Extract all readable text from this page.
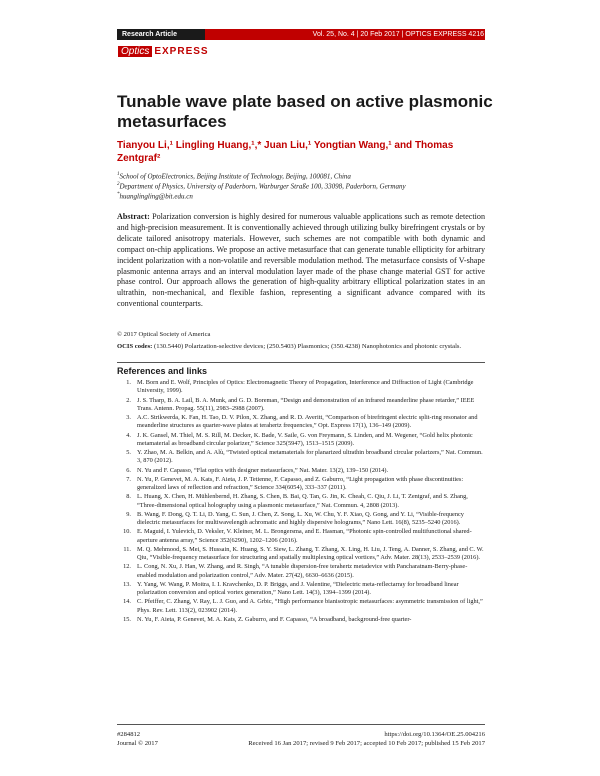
Research Article	Vol. 25, No. 4 | 20 Feb 2017 | OPTICS EXPRESS 4216
Optics EXPRESS
Tunable wave plate based on active plasmonic metasurfaces

Tianyou Li,¹ Lingling Huang,¹,* Juan Liu,¹ Yongtian Wang,¹ and Thomas Zentgraf²

$^1$School of OptoElectronics, Beijing Institute of Technology, Beijing, 100081, China

$^2$Department of Physics, University of Paderborn, Warburger Straße 100, 33098, Paderborn, Germany

*huanglingling@bit.edu.cn

Abstract: Polarization conversion is highly desired for numerous valuable applications such as remote detection and high-precision measurement. It is conventionally achieved through utilizing bulky birefringent crystals or by delicate tailored anisotropy materials. However, such schemes are not compatible with both dynamic and compact on-chip applications. We propose an active metasurface that can generate tunable ellipticity for arbitrary incident polarization with a non-volatile and reversible modulation method. The metasurface consists of V-shape plasmonic antenna arrays and an interval modulation layer made of the phase change material GST for active phase control. Our approach allows the generation of high-quality arbitrary elliptical polarization states in an ultrathin, non-mechanical, and flexible fashion, representing a significant advance compared with its conventional counterparts.

© 2017 Optical Society of America

OCIS codes: (130.5440) Polarization-selective devices; (250.5403) Plasmonics; (350.4238) Nanophotonics and photonic crystals.

References and links
1. M. Born and E. Wolf, Principles of Optics: Electromagnetic Theory of Propagation, Interference and Diffraction of Light (Cambridge University, 1999).
2. J. S. Tharp, B. A. Lail, B. A. Munk, and G. D. Boreman, “Design and demonstration of an infrared meanderline phase retarder,” IEEE Trans. Antenn. Propag. 55(11), 2983–2988 (2007).
3. A.C. Strikwerda, K. Fan, H. Tao, D. V. Pilon, X. Zhang, and R. D. Averitt, “Comparison of birefringent electric split-ring resonator and meanderline structures as quarter-wave plates at terahertz frequencies,” Opt. Express 17(1), 136–149 (2009).
4. J. K. Gansel, M. Thiel, M. S. Rill, M. Decker, K. Bade, V. Saile, G. von Freymann, S. Linden, and M. Wegener, “Gold helix photonic metamaterial as broadband circular polarizer,” Science 325(5947), 1513–1515 (2009).
5. Y. Zhao, M. A. Belkin, and A. Alù, “Twisted optical metamaterials for planarized ultrathin broadband circular polarizers,” Nat. Commun. 3, 870 (2012).
6. N. Yu and F. Capasso, “Flat optics with designer metasurfaces,” Nat. Mater. 13(2), 139–150 (2014).
7. N. Yu, P. Genevet, M. A. Kats, F. Aieta, J. P. Tetienne, F. Capasso, and Z. Gaburro, “Light propagation with phase discontinuities: generalized laws of reflection and refraction,” Science 334(6054), 333–337 (2011).
8. L. Huang, X. Chen, H. Mühlenbernd, H. Zhang, S. Chen, B. Bai, Q. Tan, G. Jin, K. Cheah, C. Qiu, J. Li, T. Zentgraf, and S. Zhang, “Three-dimensional optical holography using a plasmonic metasurface,” Nat. Commun. 4, 2808 (2013).
9. B. Wang, F. Dong, Q. T. Li, D. Yang, C. Sun, J. Chen, Z. Song, L. Xu, W. Chu, Y. F. Xiao, Q. Gong, and Y. Li, “Visible-frequency dielectric metasurfaces for multiwavelength achromatic and highly dispersive holograms,” Nano Lett. 16(8), 5235–5240 (2016).
10. E. Maguid, I. Yulevich, D. Veksler, V. Kleiner, M. L. Brongersma, and E. Hasman, “Photonic spin-controlled multifunctional shared-aperture antenna array,” Science 352(6290), 1202–1206 (2016).
11. M. Q. Mehmood, S. Mei, S. Hussain, K. Huang, S. Y. Siew, L. Zhang, T. Zhang, X. Ling, H. Liu, J. Teng, A. Danner, S. Zhang, and C. W. Qiu, “Visible-frequency metasurface for structuring and spatially multiplexing optical vortices,” Adv. Mater. 28(13), 2533–2539 (2016).
12. L. Cong, N. Xu, J. Han, W. Zhang, and R. Singh, “A tunable dispersion-free terahertz metadevice with Pancharatnam-Berry-phase-enabled modulation and polarization control,” Adv. Mater. 27(42), 6630–6636 (2015).
13. Y. Yang, W. Wang, P. Moitra, I. I. Kravchenko, D. P. Briggs, and J. Valentine, “Dielectric meta-reflectarray for broadband linear polarization conversion and optical vortex generation,” Nano Lett. 14(3), 1394–1399 (2014).
14. C. Pfeiffer, C. Zhang, V. Ray, L. J. Guo, and A. Grbic, “High performance bianisotropic metasurfaces: asymmetric transmission of light,” Phys. Rev. Lett. 113(2), 023902 (2014).
15. N. Yu, F. Aieta, P. Genevet, M. A. Kats, Z. Gaburro, and F. Capasso, “A broadband, background-free quarter-
#284812
Journal © 2017
https://doi.org/10.1364/OE.25.004216
Received 16 Jan 2017; revised 9 Feb 2017; accepted 10 Feb 2017; published 15 Feb 2017
